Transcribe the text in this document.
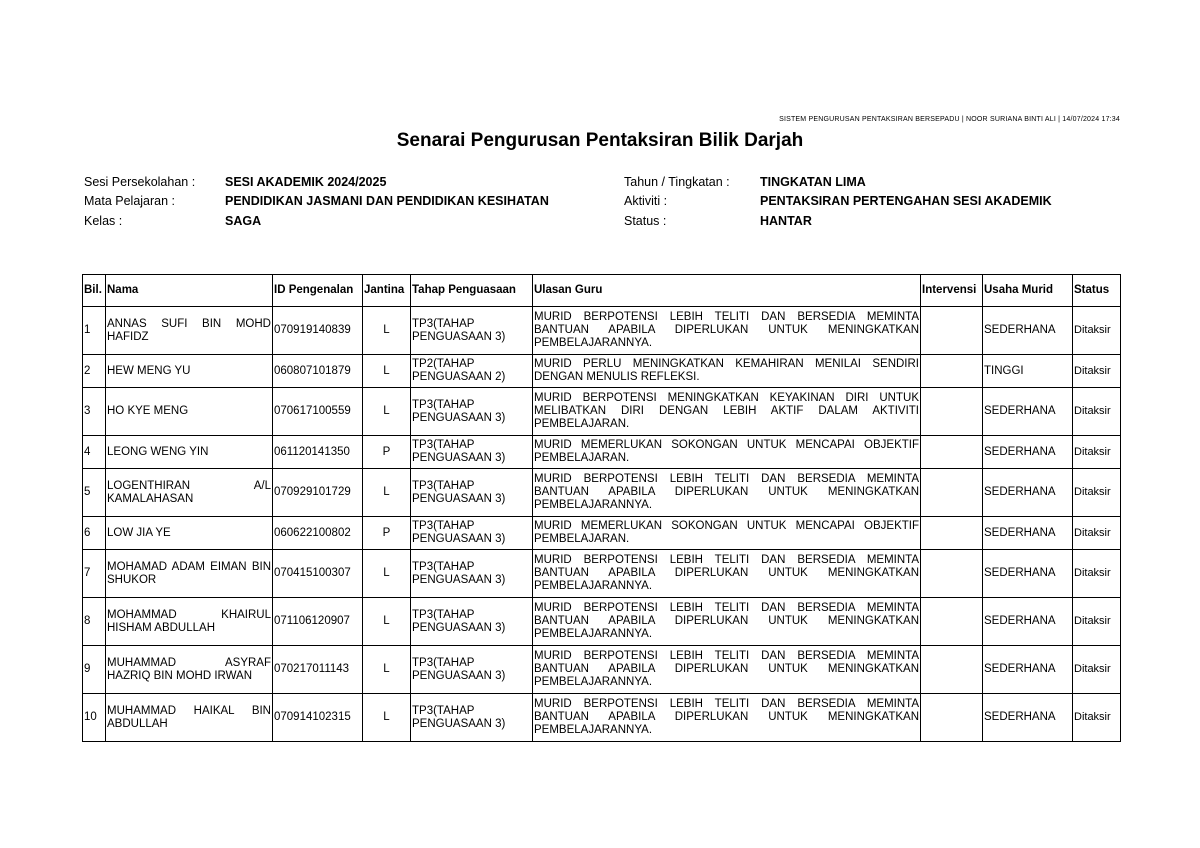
SISTEM PENGURUSAN PENTAKSIRAN BERSEPADU | NOOR SURIANA BINTI ALI | 14/07/2024 17:34
Senarai Pengurusan Pentaksiran Bilik Darjah
Sesi Persekolahan :	SESI AKADEMIK 2024/2025
Mata Pelajaran :	PENDIDIKAN JASMANI DAN PENDIDIKAN KESIHATAN
Kelas :	SAGA
Tahun / Tingkatan :	TINGKATAN LIMA
Aktiviti :	PENTAKSIRAN PERTENGAHAN SESI AKADEMIK
Status :	HANTAR
Bil.	Nama	ID Pengenalan	Jantina	Tahap Penguasaan	Ulasan Guru	Intervensi	Usaha Murid	Status
1	ANNAS SUFI BIN MOHD HAFIDZ	070919140839	L	TP3(TAHAP PENGUASAAN 3)	MURID BERPOTENSI LEBIH TELITI DAN BERSEDIA MEMINTA BANTUAN APABILA DIPERLUKAN UNTUK MENINGKATKAN PEMBELAJARANNYA.		SEDERHANA	Ditaksir
2	HEW MENG YU	060807101879	L	TP2(TAHAP PENGUASAAN 2)	MURID PERLU MENINGKATKAN KEMAHIRAN MENILAI SENDIRI DENGAN MENULIS REFLEKSI.		TINGGI	Ditaksir
3	HO KYE MENG	070617100559	L	TP3(TAHAP PENGUASAAN 3)	MURID BERPOTENSI MENINGKATKAN KEYAKINAN DIRI UNTUK MELIBATKAN DIRI DENGAN LEBIH AKTIF DALAM AKTIVITI PEMBELAJARAN.		SEDERHANA	Ditaksir
4	LEONG WENG YIN	061120141350	P	TP3(TAHAP PENGUASAAN 3)	MURID MEMERLUKAN SOKONGAN UNTUK MENCAPAI OBJEKTIF PEMBELAJARAN.		SEDERHANA	Ditaksir
5	LOGENTHIRAN A/L KAMALAHASAN	070929101729	L	TP3(TAHAP PENGUASAAN 3)	MURID BERPOTENSI LEBIH TELITI DAN BERSEDIA MEMINTA BANTUAN APABILA DIPERLUKAN UNTUK MENINGKATKAN PEMBELAJARANNYA.		SEDERHANA	Ditaksir
6	LOW JIA YE	060622100802	P	TP3(TAHAP PENGUASAAN 3)	MURID MEMERLUKAN SOKONGAN UNTUK MENCAPAI OBJEKTIF PEMBELAJARAN.		SEDERHANA	Ditaksir
7	MOHAMAD ADAM EIMAN BIN SHUKOR	070415100307	L	TP3(TAHAP PENGUASAAN 3)	MURID BERPOTENSI LEBIH TELITI DAN BERSEDIA MEMINTA BANTUAN APABILA DIPERLUKAN UNTUK MENINGKATKAN PEMBELAJARANNYA.		SEDERHANA	Ditaksir
8	MOHAMMAD KHAIRUL HISHAM ABDULLAH	071106120907	L	TP3(TAHAP PENGUASAAN 3)	MURID BERPOTENSI LEBIH TELITI DAN BERSEDIA MEMINTA BANTUAN APABILA DIPERLUKAN UNTUK MENINGKATKAN PEMBELAJARANNYA.		SEDERHANA	Ditaksir
9	MUHAMMAD ASYRAF HAZRIQ BIN MOHD IRWAN	070217011143	L	TP3(TAHAP PENGUASAAN 3)	MURID BERPOTENSI LEBIH TELITI DAN BERSEDIA MEMINTA BANTUAN APABILA DIPERLUKAN UNTUK MENINGKATKAN PEMBELAJARANNYA.		SEDERHANA	Ditaksir
10	MUHAMMAD HAIKAL BIN ABDULLAH	070914102315	L	TP3(TAHAP PENGUASAAN 3)	MURID BERPOTENSI LEBIH TELITI DAN BERSEDIA MEMINTA BANTUAN APABILA DIPERLUKAN UNTUK MENINGKATKAN PEMBELAJARANNYA.		SEDERHANA	Ditaksir
